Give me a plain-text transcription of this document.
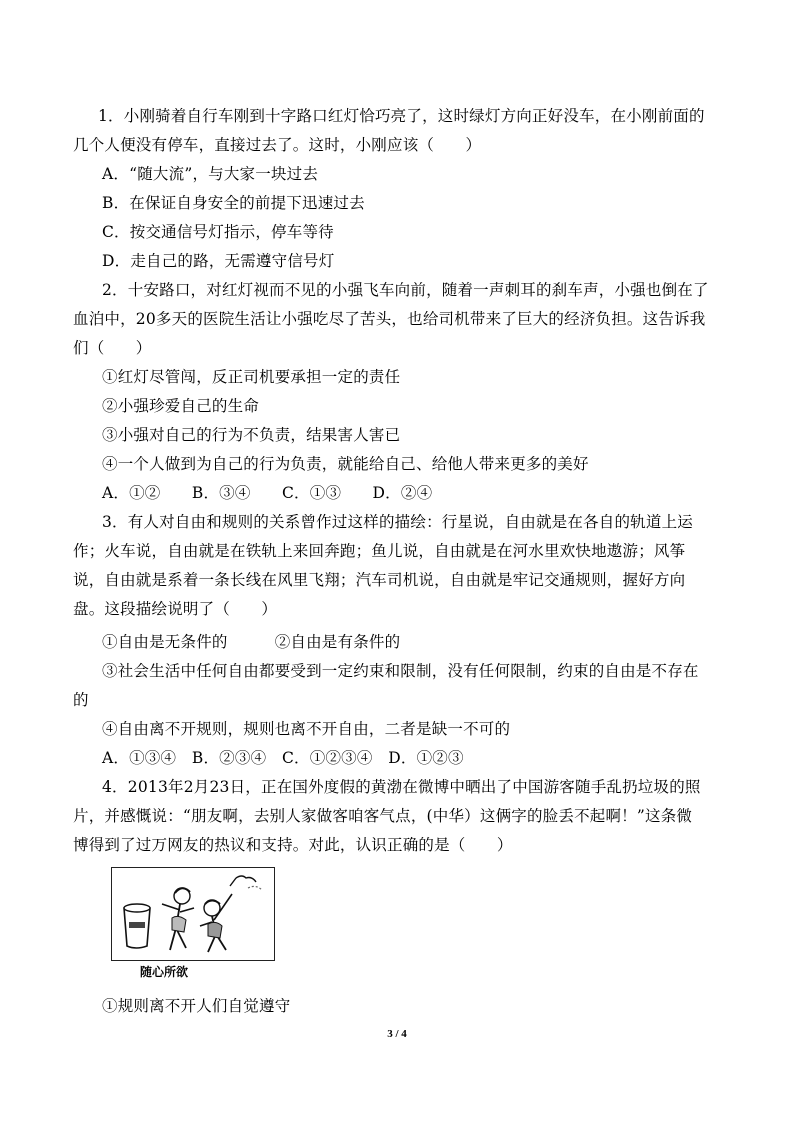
1．小刚骑着自行车刚到十字路口红灯恰巧亮了，这时绿灯方向正好没车，在小刚前面的
几个人便没有停车，直接过去了。这时，小刚应该（　　）
A．“随大流”，与大家一块过去
B．在保证自身安全的前提下迅速过去
C．按交通信号灯指示，停车等待
D．走自己的路，无需遵守信号灯
2．十安路口，对红灯视而不见的小强飞车向前，随着一声刺耳的刹车声，小强也倒在了
血泊中，20多天的医院生活让小强吃尽了苦头，也给司机带来了巨大的经济负担。这告诉我
们（　　）
①红灯尽管闯，反正司机要承担一定的责任
②小强珍爱自己的生命
③小强对自己的行为不负责，结果害人害已
④一个人做到为自己的行为负责，就能给自己、给他人带来更多的美好
A．①②　　B．③④　　C．①③　　D．②④
3．有人对自由和规则的关系曾作过这样的描绘：行星说，自由就是在各自的轨道上运
作；火车说，自由就是在铁轨上来回奔跑；鱼儿说，自由就是在河水里欢快地遨游；风筝
说，自由就是系着一条长线在风里飞翔；汽车司机说，自由就是牢记交通规则，握好方向
盘。这段描绘说明了（　　）
①自由是无条件的　　　②自由是有条件的
③社会生活中任何自由都要受到一定约束和限制，没有任何限制，约束的自由是不存在
的
④自由离不开规则，规则也离不开自由，二者是缺一不可的
A．①③④　B．②③④　C．①②③④　D．①②③
4．2013年2月23日，正在国外度假的黄渤在微博中晒出了中国游客随手乱扔垃圾的照
片，并感慨说：“朋友啊，去别人家做客咱客气点，(中华）这俩字的脸丢不起啊！”这条微
博得到了过万网友的热议和支持。对此，认识正确的是（　　）
随心所欲
①规则离不开人们自觉遵守
3 / 4
